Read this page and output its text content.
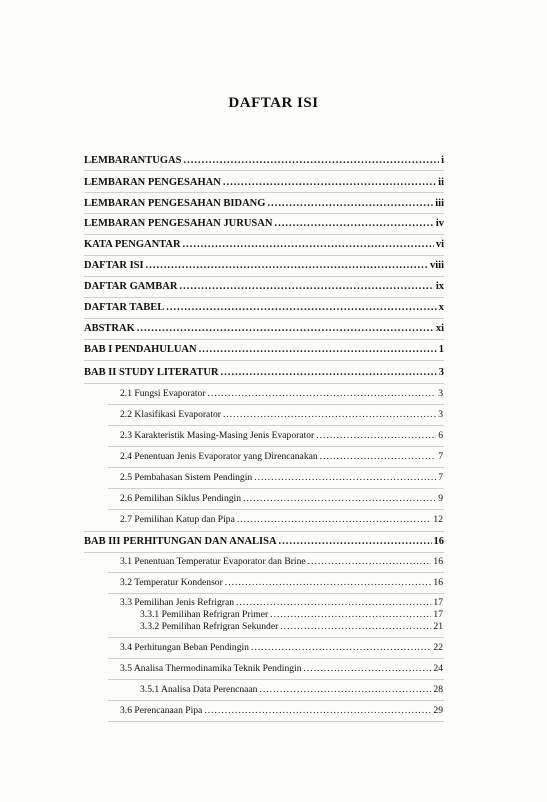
DAFTAR ISI
LEMBARANTUGAS .....	i
LEMBARAN PENGESAHAN .....	ii
LEMBARAN PENGESAHAN BIDANG .....	iii
LEMBARAN PENGESAHAN JURUSAN .....	iv
KATA PENGANTAR .....	vi
DAFTAR ISI .....	viii
DAFTAR GAMBAR .....	ix
DAFTAR TABEL .....	x
ABSTRAK .....	xi
BAB I PENDAHULUAN .....	1
BAB II STUDY LITERATUR .....	3
2.1 Fungsi Evaporator .....	3
2.2 Klasifikasi Evaporator .....	3
2.3 Karakteristik Masing-Masing Jenis Evaporator .....	6
2.4 Penentuan Jenis Evaporator yang Direncanakan .....	7
2.5 Pembahasan Sistem Pendingin .....	7
2.6 Pemilihan Siklus Pendingin .....	9
2.7 Pemilihan Katup dan Pipa .....	12
BAB III PERHITUNGAN DAN ANALISA .....	16
3.1 Penentuan Temperatur Evaporator dan Brine .....	16
3.2 Temperatur Kondensor .....	16
3.3 Pemilihan Jenis Refrigran .....	17
3.3.1 Pemilihan Refrigran Primer .....	17
3.3.2 Pemilihan Refrigran Sekunder .....	21
3.4 Perhitungan Beban Pendingin .....	22
3.5 Analisa Thermodinamika Teknik Pendingin .....	24
3.5.1 Analisa Data Perencnaan .....	28
3.6 Perencanaan Pipa .....	29
